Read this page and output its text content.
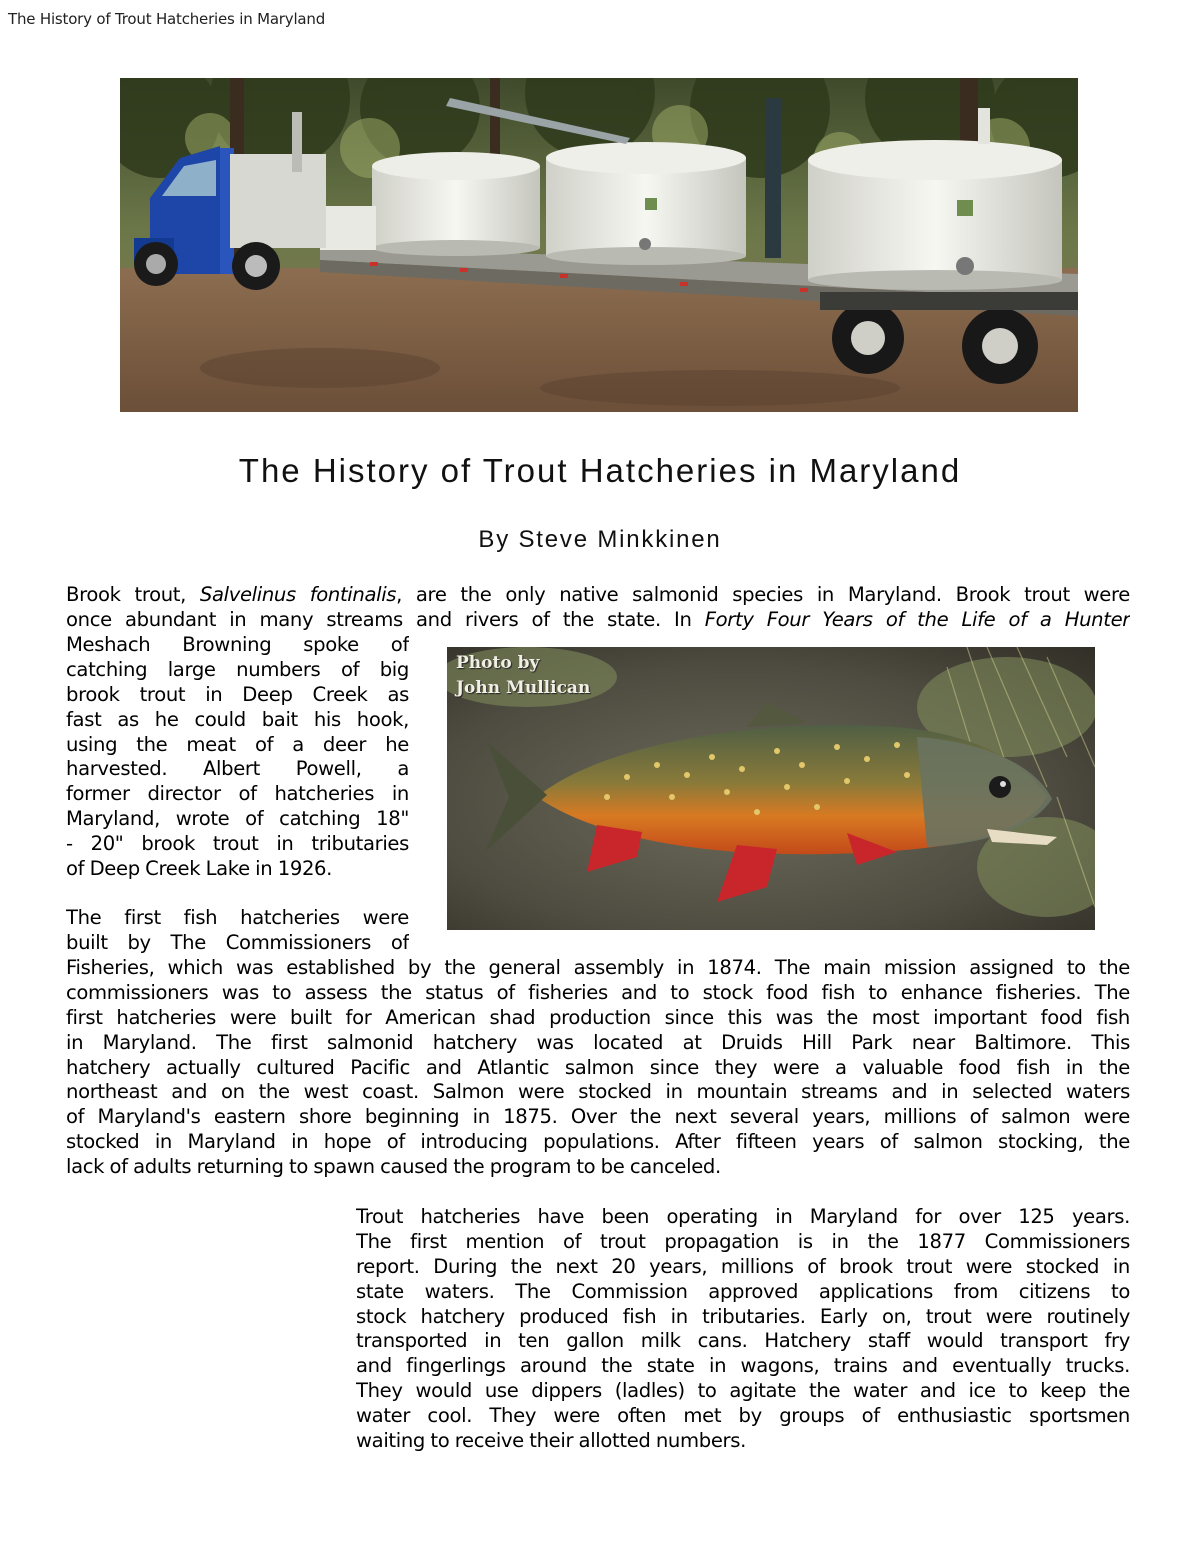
The History of Trout Hatcheries in Maryland
The History of Trout Hatcheries in Maryland
By Steve Minkkinen
Brook trout, Salvelinus fontinalis, are the only native salmonid species in Maryland. Brook trout were
once abundant in many streams and rivers of the state. In Forty Four Years of the Life of a Hunter
Meshach Browning spoke of
catching large numbers of big
brook trout in Deep Creek as
fast as he could bait his hook,
using the meat of a deer he
harvested. Albert Powell, a
former director of hatcheries in
Maryland, wrote of catching 18"
- 20" brook trout in tributaries
of Deep Creek Lake in 1926.
The first fish hatcheries were
built by The Commissioners of
Fisheries, which was established by the general assembly in 1874. The main mission assigned to the
commissioners was to assess the status of fisheries and to stock food fish to enhance fisheries. The
first hatcheries were built for American shad production since this was the most important food fish
in Maryland. The first salmonid hatchery was located at Druids Hill Park near Baltimore. This
hatchery actually cultured Pacific and Atlantic salmon since they were a valuable food fish in the
northeast and on the west coast. Salmon were stocked in mountain streams and in selected waters
of Maryland's eastern shore beginning in 1875. Over the next several years, millions of salmon were
stocked in Maryland in hope of introducing populations. After fifteen years of salmon stocking, the
lack of adults returning to spawn caused the program to be canceled.
Trout hatcheries have been operating in Maryland for over 125 years.
The first mention of trout propagation is in the 1877 Commissioners
report. During the next 20 years, millions of brook trout were stocked in
state waters. The Commission approved applications from citizens to
stock hatchery produced fish in tributaries. Early on, trout were routinely
transported in ten gallon milk cans. Hatchery staff would transport fry
and fingerlings around the state in wagons, trains and eventually trucks.
They would use dippers (ladles) to agitate the water and ice to keep the
water cool. They were often met by groups of enthusiastic sportsmen
waiting to receive their allotted numbers.
Photo by
John Mullican
